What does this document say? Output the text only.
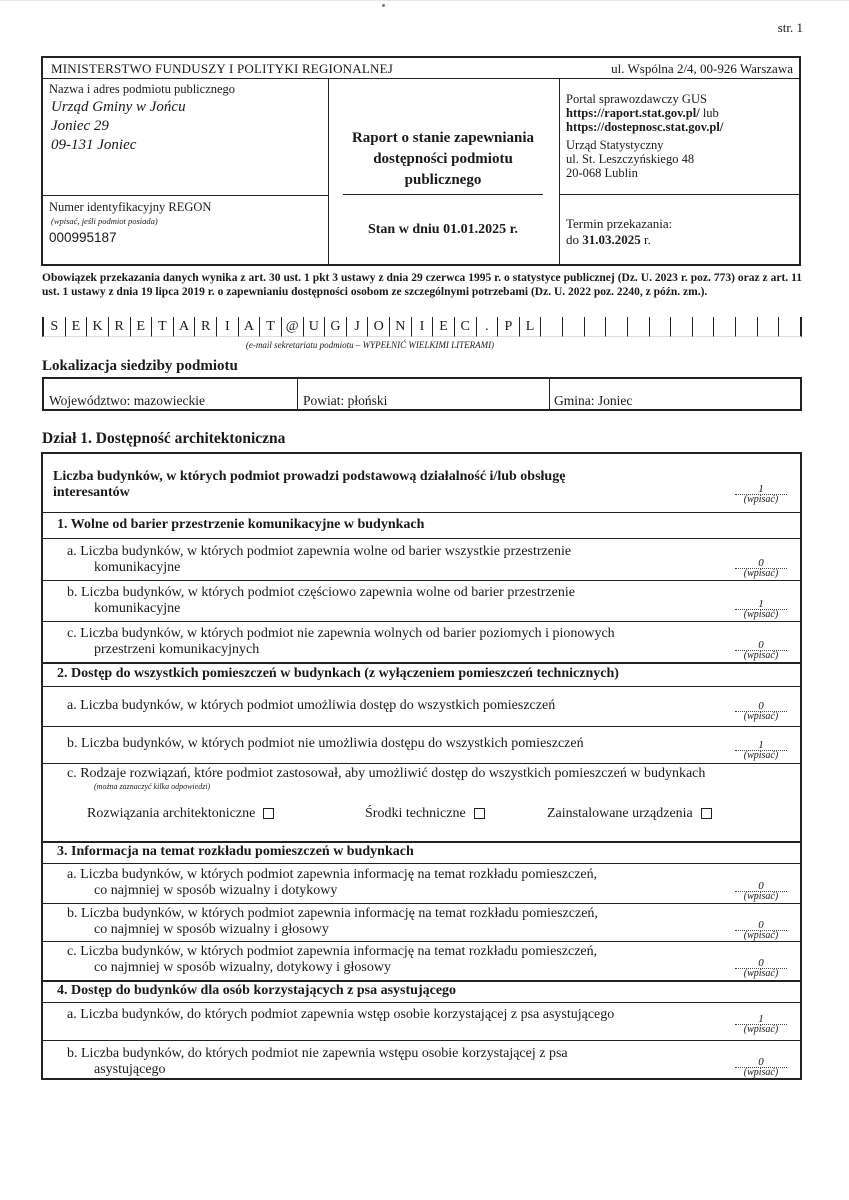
str. 1
MINISTERSTWO FUNDUSZY I POLITYKI REGIONALNEJ	ul. Wspólna 2/4, 00-926 Warszawa
Nazwa i adres podmiotu publicznego
Urząd Gminy w Jońcu
Joniec 29
09-131 Joniec	Raport o stanie zapewniania
dostępności podmiotu
publicznego
Stan w dniu 01.01.2025 r.
Portal sprawozdawczy GUS
https://raport.stat.gov.pl/ lub
https://dostepnosc.stat.gov.pl/
Urząd Statystyczny
ul. St. Leszczyńskiego 48
20-068 Lublin
Numer identyfikacyjny REGON
(wpisać, jeśli podmiot posiada)
000995187
Termin przekazania:
do 31.03.2025 r.
Obowiązek przekazania danych wynika z art. 30 ust. 1 pkt 3 ustawy z dnia 29 czerwca 1995 r. o statystyce publicznej (Dz. U. 2023 r. poz. 773) oraz z art. 11 ust. 1 ustawy z dnia 19 lipca 2019 r. o zapewnianiu dostępności osobom ze szczególnymi potrzebami (Dz. U. 2022 poz. 2240, z późn. zm.).
S E K R E T A R	I	A T @ U G J O N	I	E C	.	P L
(e-mail sekretariatu podmiotu – WYPEŁNIĆ WIELKIMI LITERAMI)
Lokalizacja siedziby podmiotu
Województwo: mazowieckie	Powiat: płoński	Gmina: Joniec
Dział 1. Dostępność architektoniczna
Liczba budynków, w których podmiot prowadzi podstawową działalność i/lub obsługę
interesantów	1
(wpisać)
1. Wolne od barier przestrzenie komunikacyjne w budynkach
a. Liczba budynków, w których podmiot zapewnia wolne od barier wszystkie przestrzenie
komunikacyjne	0
(wpisać)
b. Liczba budynków, w których podmiot częściowo zapewnia wolne od barier przestrzenie
komunikacyjne	1
(wpisać)
c. Liczba budynków, w których podmiot nie zapewnia wolnych od barier poziomych i pionowych
przestrzeni komunikacyjnych	0
(wpisać)
2. Dostęp do wszystkich pomieszczeń w budynkach (z wyłączeniem pomieszczeń technicznych)
a. Liczba budynków, w których podmiot umożliwia dostęp do wszystkich pomieszczeń	0
(wpisać)
b. Liczba budynków, w których podmiot nie umożliwia dostępu do wszystkich pomieszczeń	1
(wpisać)
c. Rodzaje rozwiązań, które podmiot zastosował, aby umożliwić dostęp do wszystkich pomieszczeń w budynkach
(można zaznaczyć kilka odpowiedzi)
Rozwiązania architektoniczne	Środki techniczne	Zainstalowane urządzenia
3. Informacja na temat rozkładu pomieszczeń w budynkach
a. Liczba budynków, w których podmiot zapewnia informację na temat rozkładu pomieszczeń,
co najmniej w sposób wizualny i dotykowy	0
(wpisać)
b. Liczba budynków, w których podmiot zapewnia informację na temat rozkładu pomieszczeń,
co najmniej w sposób wizualny i głosowy	0
(wpisać)
c. Liczba budynków, w których podmiot zapewnia informację na temat rozkładu pomieszczeń,
co najmniej w sposób wizualny, dotykowy i głosowy	0
(wpisać)
4. Dostęp do budynków dla osób korzystających z psa asystującego
a. Liczba budynków, do których podmiot zapewnia wstęp osobie korzystającej z psa asystującego	1
(wpisać)
b. Liczba budynków, do których podmiot nie zapewnia wstępu osobie korzystającej z psa
asystującego	0
(wpisać)
